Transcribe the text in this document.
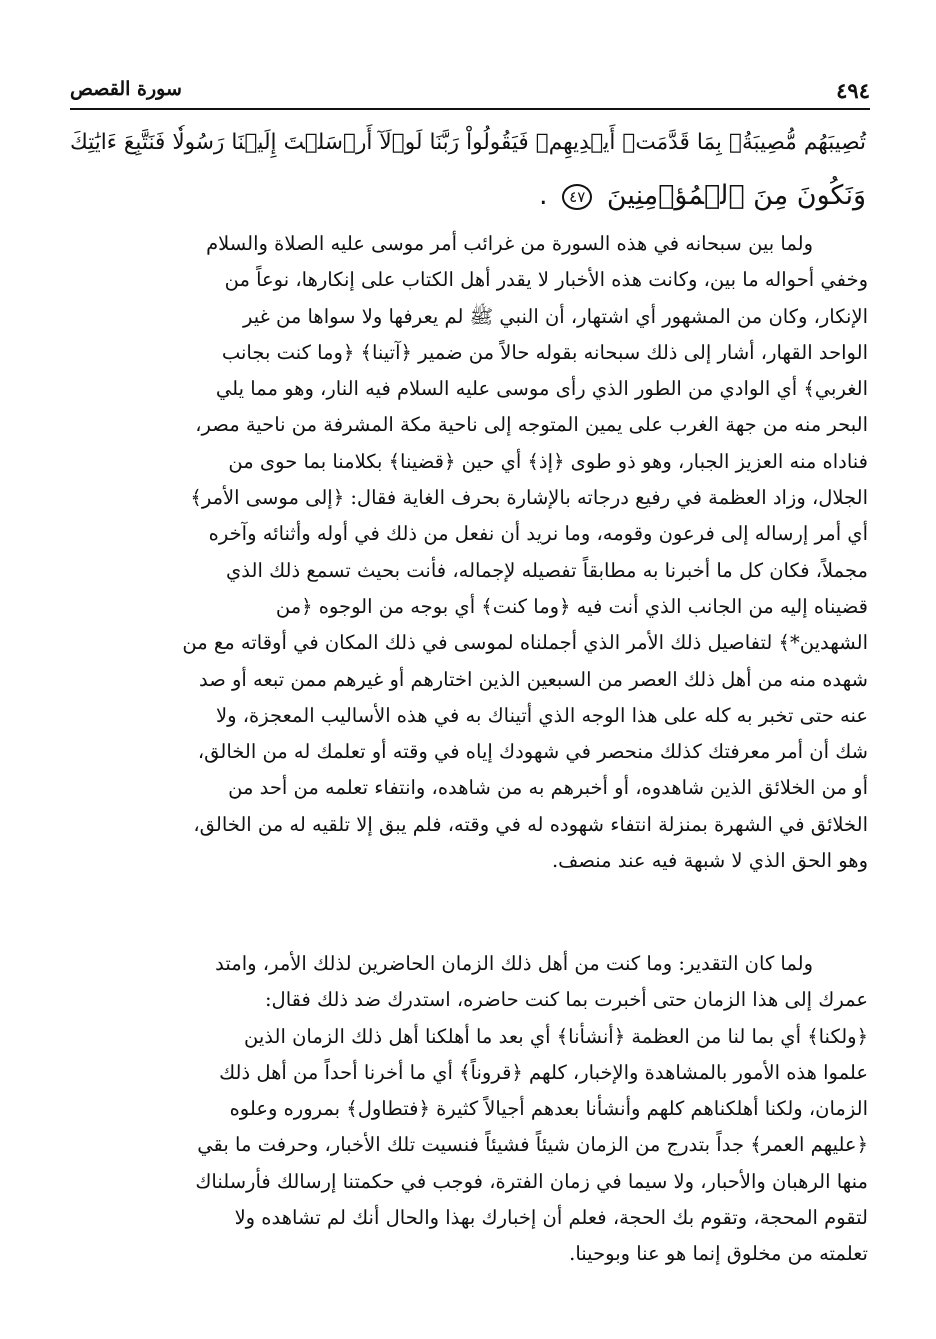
٤٩٤
سورة القصص
تُصِيبَهُم مُّصِيبَةُۢ بِمَا قَدَّمَتۡ أَيۡدِيهِمۡ فَيَقُولُواْ رَبَّنَا لَوۡلَآ أَرۡسَلۡتَ إِلَيۡنَا رَسُولٗا فَنَتَّبِعَ ءَايَٰتِكَ
وَنَكُونَ مِنَ ٱلۡمُؤۡمِنِينَ ٤٧ .
ولما بين سبحانه في هذه السورة من غرائب أمر موسى عليه الصلاة والسلام
وخفي أحواله ما بين، وكانت هذه الأخبار لا يقدر أهل الكتاب على إنكارها، نوعاً من
الإنكار، وكان من المشهور أي اشتهار، أن النبي ﷺ لم يعرفها ولا سواها من غير
الواحد القهار، أشار إلى ذلك سبحانه بقوله حالاً من ضمير ﴿آتينا﴾ ﴿وما كنت بجانب
الغربي﴾ أي الوادي من الطور الذي رأى موسى عليه السلام فيه النار، وهو مما يلي
البحر منه من جهة الغرب على يمين المتوجه إلى ناحية مكة المشرفة من ناحية مصر،
فناداه منه العزيز الجبار، وهو ذو طوى ﴿إذ﴾ أي حين ﴿قضينا﴾ بكلامنا بما حوى من
الجلال، وزاد العظمة في رفيع درجاته بالإشارة بحرف الغاية فقال: ﴿إلى موسى الأمر﴾
أي أمر إرساله إلى فرعون وقومه، وما نريد أن نفعل من ذلك في أوله وأثنائه وآخره
مجملاً، فكان كل ما أخبرنا به مطابقاً تفصيله لإجماله، فأنت بحيث تسمع ذلك الذي
قضيناه إليه من الجانب الذي أنت فيه ﴿وما كنت﴾ أي بوجه من الوجوه ﴿من
الشهدين*﴾ لتفاصيل ذلك الأمر الذي أجملناه لموسى في ذلك المكان في أوقاته مع من
شهده منه من أهل ذلك العصر من السبعين الذين اختارهم أو غيرهم ممن تبعه أو صد
عنه حتى تخبر به كله على هذا الوجه الذي أتيناك به في هذه الأساليب المعجزة، ولا
شك أن أمر معرفتك كذلك منحصر في شهودك إياه في وقته أو تعلمك له من الخالق،
أو من الخلائق الذين شاهدوه، أو أخبرهم به من شاهده، وانتفاء تعلمه من أحد من
الخلائق في الشهرة بمنزلة انتفاء شهوده له في وقته، فلم يبق إلا تلقيه له من الخالق،
وهو الحق الذي لا شبهة فيه عند منصف.
ولما كان التقدير: وما كنت من أهل ذلك الزمان الحاضرين لذلك الأمر، وامتد
عمرك إلى هذا الزمان حتى أخبرت بما كنت حاضره، استدرك ضد ذلك فقال:
﴿ولكنا﴾ أي بما لنا من العظمة ﴿أنشأنا﴾ أي بعد ما أهلكنا أهل ذلك الزمان الذين
علموا هذه الأمور بالمشاهدة والإخبار، كلهم ﴿قروناً﴾ أي ما أخرنا أحداً من أهل ذلك
الزمان، ولكنا أهلكناهم كلهم وأنشأنا بعدهم أجيالاً كثيرة ﴿فتطاول﴾ بمروره وعلوه
﴿عليهم العمر﴾ جداً بتدرج من الزمان شيئاً فشيئاً فنسيت تلك الأخبار، وحرفت ما بقي
منها الرهبان والأحبار، ولا سيما في زمان الفترة، فوجب في حكمتنا إرسالك فأرسلناك
لتقوم المحجة، وتقوم بك الحجة، فعلم أن إخبارك بهذا والحال أنك لم تشاهده ولا
تعلمته من مخلوق إنما هو عنا وبوحينا.
